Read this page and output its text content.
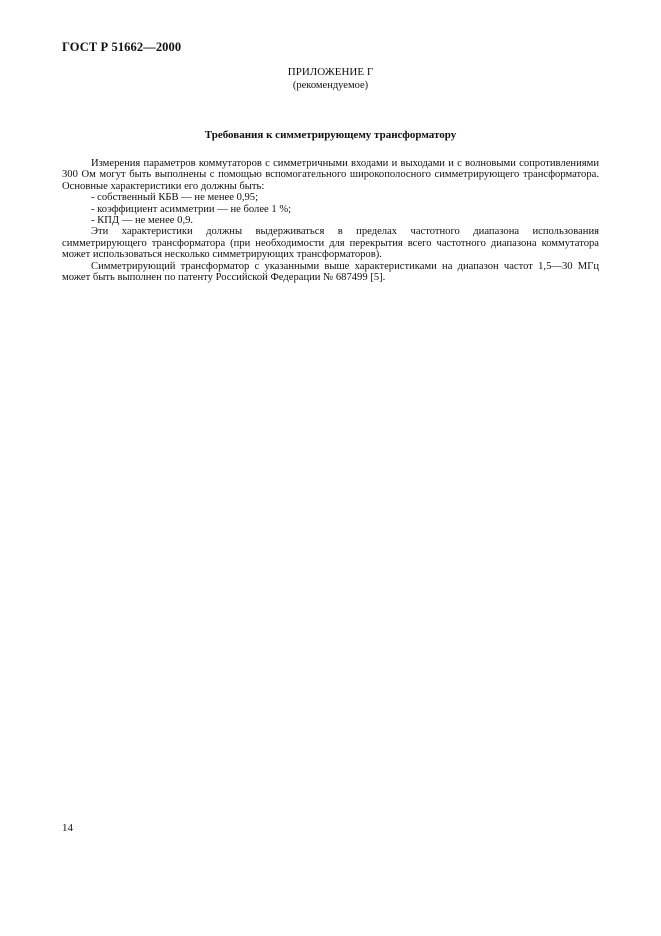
ГОСТ Р 51662—2000
ПРИЛОЖЕНИЕ Г
(рекомендуемое)
Требования к симметрирующему трансформатору

Измерения параметров коммутаторов с симметричными входами и выходами и с волновыми сопротивлениями 300 Ом могут быть выполнены с помощью вспомогательного широкополосного симметрирующего трансформатора. Основные характеристики его должны быть:

- собственный КБВ — не менее 0,95;
- коэффициент асимметрии — не более 1 %;
- КПД — не менее 0,9.

Эти характеристики должны выдерживаться в пределах частотного диапазона использования симметрирующего трансформатора (при необходимости для перекрытия всего частотного диапазона коммутатора может использоваться несколько симметрирующих трансформаторов).

Симметрирующий трансформатор с указанными выше характеристиками на диапазон частот 1,5—30 МГц может быть выполнен по патенту Российской Федерации № 687499 [5].

14
